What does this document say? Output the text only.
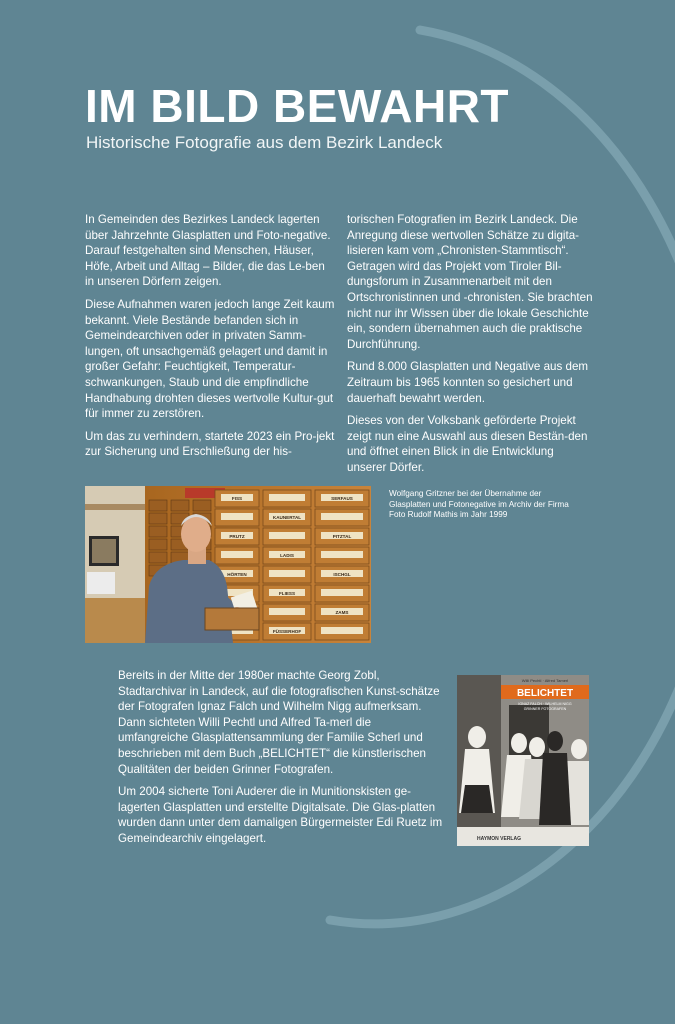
IM BILD BEWAHRT
Historische Fotografie aus dem Bezirk Landeck

In Gemeinden des Bezirkes Landeck lagerten über Jahrzehnte Glasplatten und Foto-negative.

Darauf festgehalten sind Menschen, Häuser, Höfe, Arbeit und Alltag – Bilder, die das Le-ben in unseren Dörfern zeigen.

Diese Aufnahmen waren jedoch lange Zeit kaum bekannt. Viele Bestände befanden sich in Gemeindearchiven oder in privaten Samm-lungen, oft unsachgemäß gelagert und damit in großer Gefahr: Feuchtigkeit, Temperatur-schwankungen, Staub und die empfindliche Handhabung drohten dieses wertvolle Kultur-gut für immer zu zerstören.

Um das zu verhindern, startete 2023 ein Pro-jekt zur Sicherung und Erschließung der his-

torischen Fotografien im Bezirk Landeck. Die Anregung diese wertvollen Schätze zu digita-lisieren kam vom „Chronisten-Stammtisch“. Getragen wird das Projekt vom Tiroler Bil-dungsforum in Zusammenarbeit mit den Ortschronistinnen und -chronisten. Sie brachten nicht nur ihr Wissen über die lokale Geschichte ein, sondern übernahmen auch die praktische Durchführung.

Rund 8.000 Glasplatten und Negative aus dem Zeitraum bis 1965 konnten so gesichert und dauerhaft bewahrt werden.

Dieses von der Volksbank geförderte Projekt zeigt nun eine Auswahl aus diesen Bestän-den und öffnet einen Blick in die Entwicklung unserer Dörfer.

FISS	SERFAUS
KAUNERTAL
PRUTZ	PITZTAL
LADIS
HÖRTEN	ISCHGL
FLIESS
ZAMS
FÜSSERHOF
Wolfgang Gritzner bei der Übernahme der Glasplatten und Fotonegative im Archiv der Firma Foto Rudolf Mathis im Jahr 1999

Bereits in der Mitte der 1980er machte Georg Zobl, Stadtarchivar in Landeck, auf die fotografischen Kunst-schätze der Fotografen Ignaz Falch und Wilhelm Nigg aufmerksam. Dann sichteten Willi Pechtl und Alfred Ta-merl die umfangreiche Glasplattensammlung der Familie Scherl und beschrieben mit dem Buch „BELICHTET“ die künstlerischen Qualitäten der beiden Grinner Fotografen.

Um 2004 sicherte Toni Auderer die in Munitionskisten ge-lagerten Glasplatten und erstellte Digitalsate. Die Glas-platten wurden dann unter dem damaligen Bürgermeister Edi Ruetz im Gemeindearchiv eingelagert.

BELICHTET
Willi Pechtl · Alfred Tamerl
IGNAZ FALCH · WILHELM NIGG
GRINNER FOTOGRAFEN
HAYMON VERLAG
